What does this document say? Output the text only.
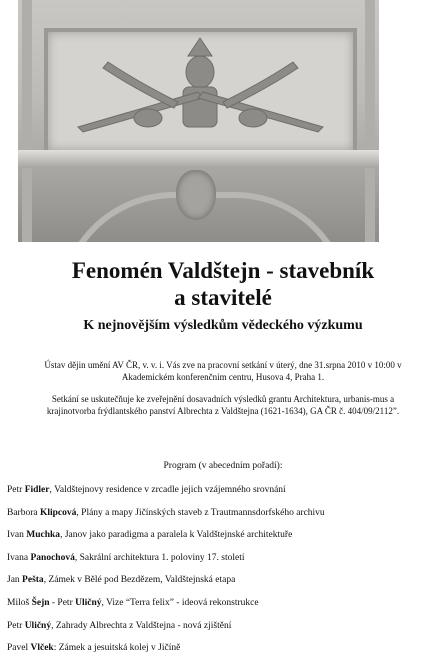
Fenomén Valdštejn - stavebník
a stavitelé
K nejnovějším výsledkům vědeckého výzkumu
Ústav dějin umění AV ČR, v. v. i. Vás zve na pracovní setkání v úterý, dne 31.srpna 2010 v 10:00 v Akademickém konferenčním centru, Husova 4, Praha 1.
Setkání se uskutečňuje ke zveřejnění dosavadních výsledků grantu Architektura, urbanis-mus a krajinotvorba frýdlantského panství Albrechta z Valdštejna (1621-1634), GA ČR č. 404/09/2112”.
Program (v abecedním pořadí):
Petr Fidler, Valdštejnovy residence v zrcadle jejich vzájemného srovnání
Barbora Klipcová, Plány a mapy Jičínských staveb z Trautmannsdorfského archivu
Ivan Muchka, Janov jako paradigma a paralela k Valdštejnské architektuře
Ivana Panochová, Sakrální architektura 1. poloviny 17. století
Jan Pešta, Zámek v Bělé pod Bezdězem, Valdštejnská etapa
Miloš Šejn - Petr Uličný, Vize “Terra felix” - ideová rekonstrukce
Petr Uličný, Zahrady Albrechta z Valdštejna - nová zjištění
Pavel Vlček: Zámek a jesuitská kolej v Jičíně
